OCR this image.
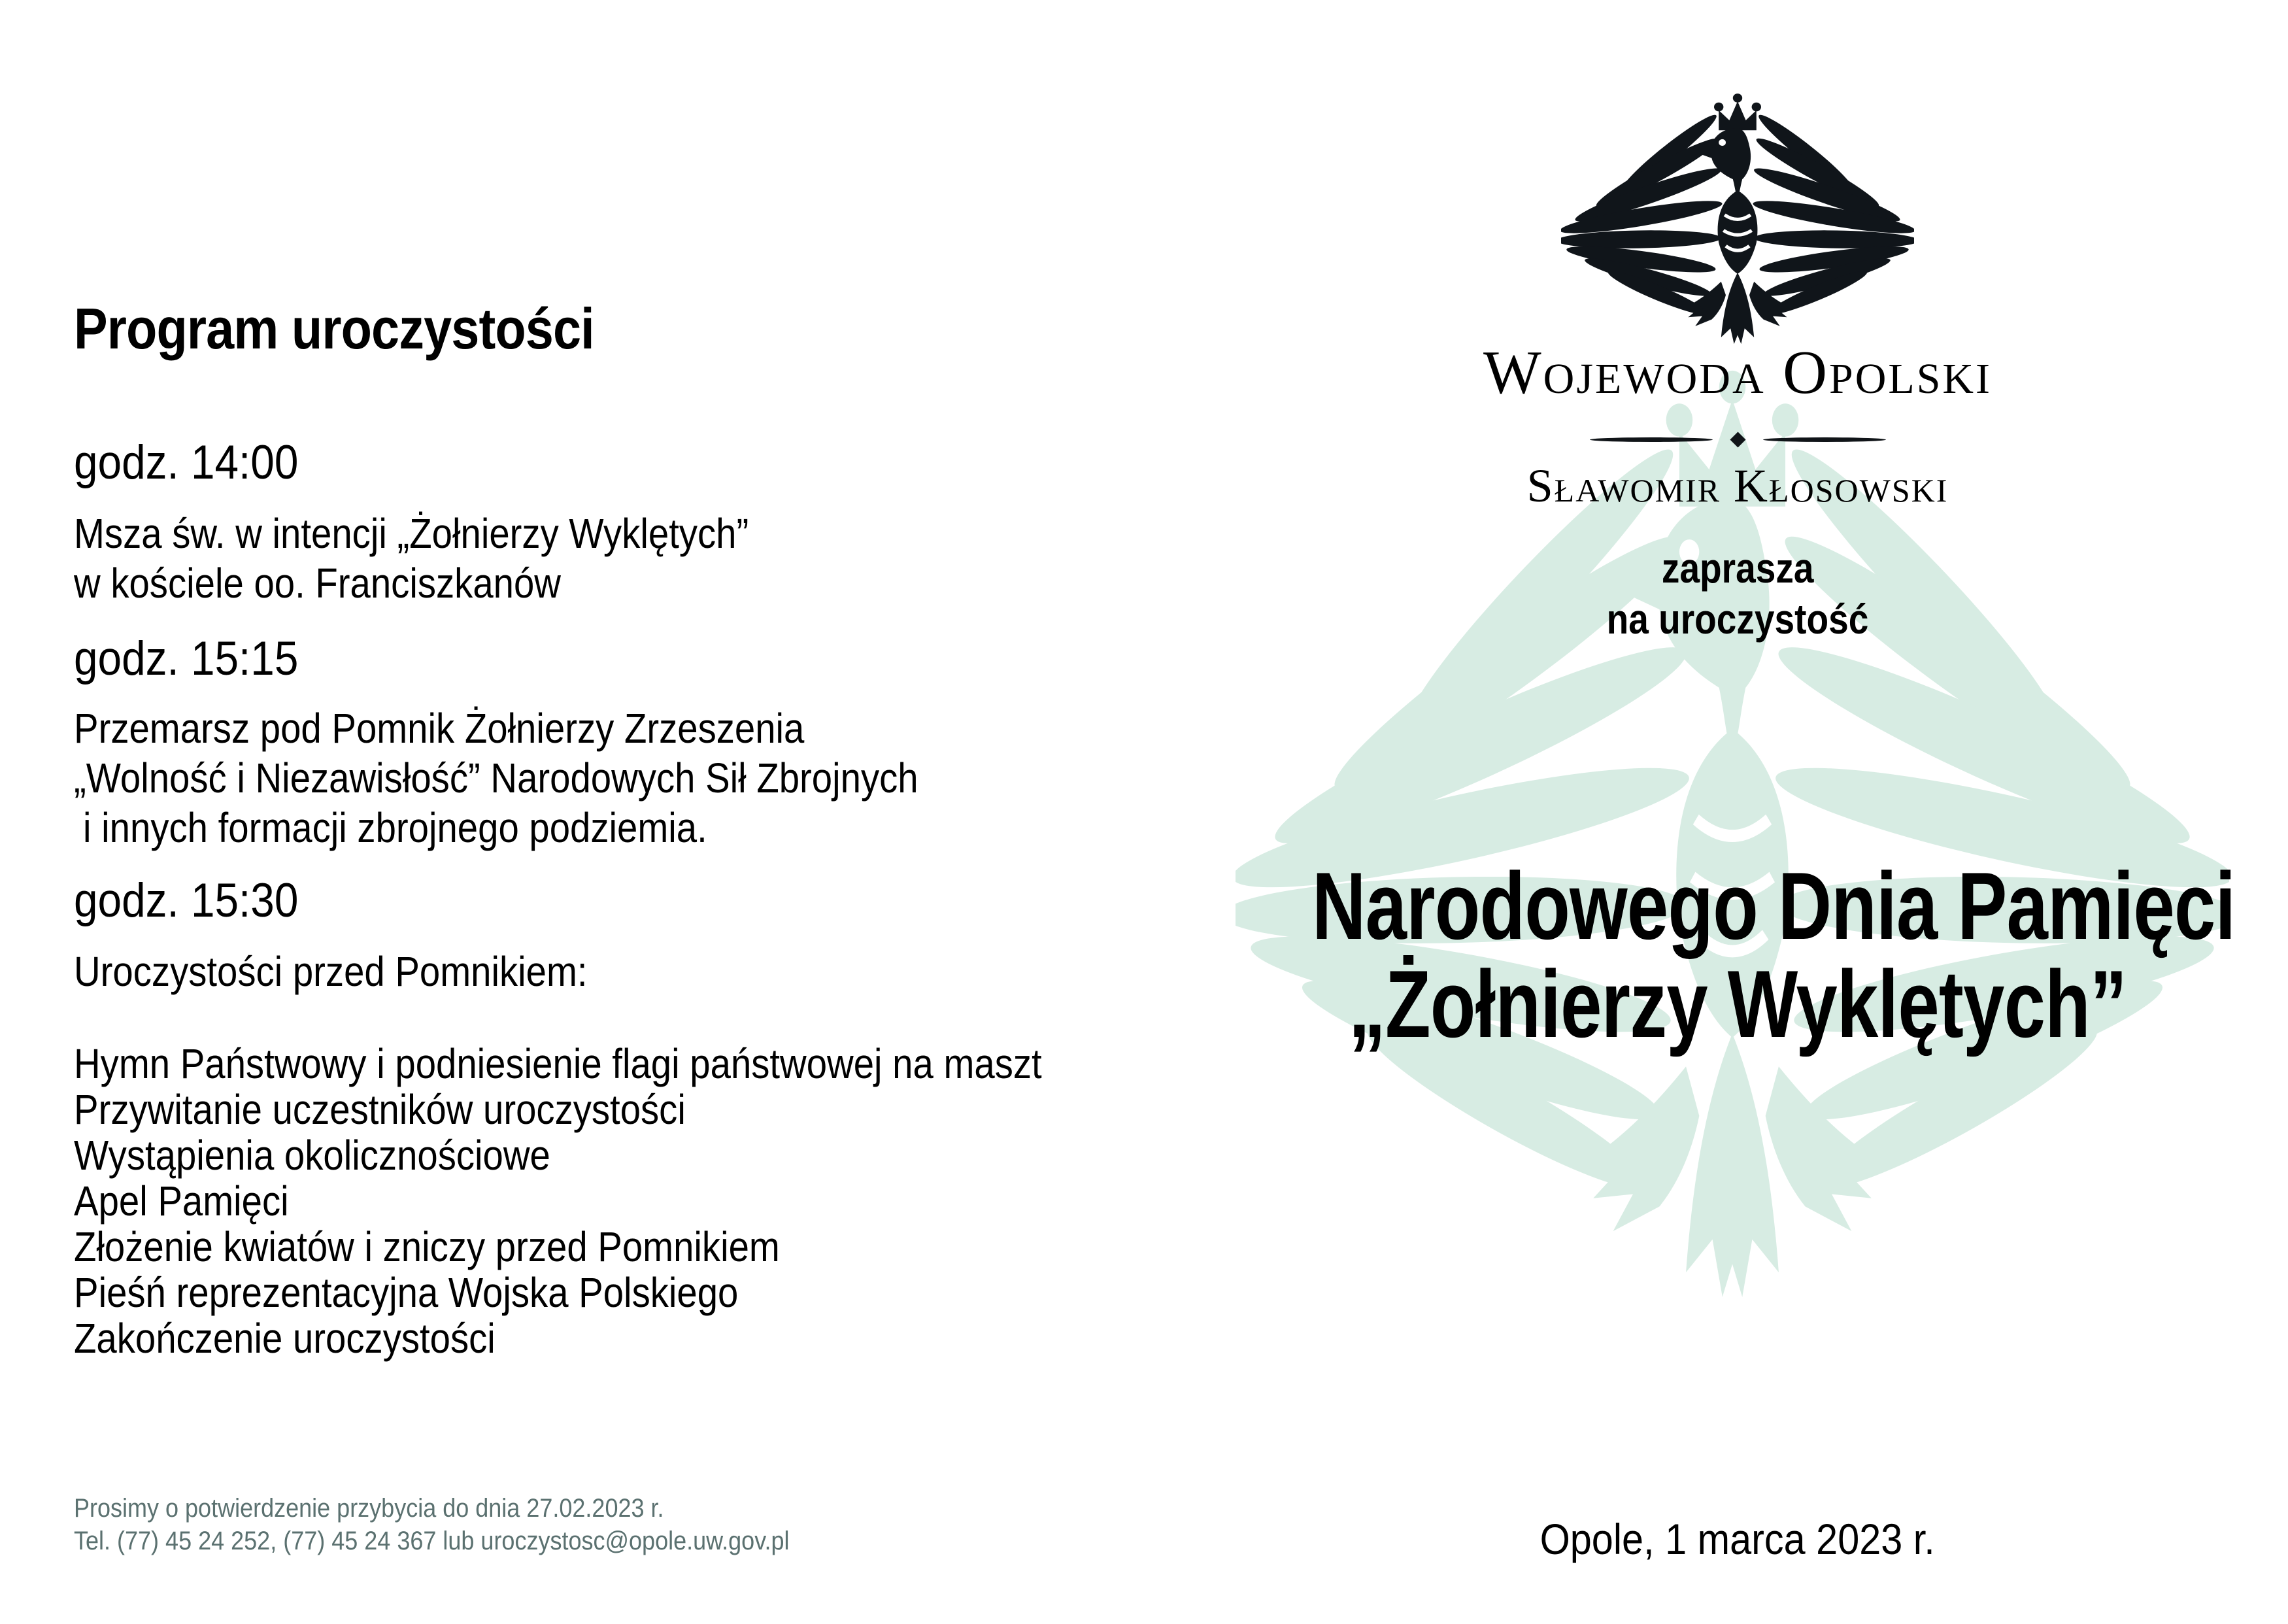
Program uroczystości
godz. 14:00
Msza św. w intencji „Żołnierzy Wyklętych”
w kościele oo. Franciszkanów
godz. 15:15
Przemarsz pod Pomnik Żołnierzy Zrzeszenia
„Wolność i Niezawisłość” Narodowych Sił Zbrojnych
i innych formacji zbrojnego podziemia.
godz. 15:30
Uroczystości przed Pomnikiem:
Hymn Państwowy i podniesienie flagi państwowej na maszt
Przywitanie uczestników uroczystości
Wystąpienia okolicznościowe
Apel Pamięci
Złożenie kwiatów i zniczy przed Pomnikiem
Pieśń reprezentacyjna Wojska Polskiego
Zakończenie uroczystości
Prosimy o potwierdzenie przybycia do dnia 27.02.2023 r.
Tel. (77) 45 24 252, (77) 45 24 367 lub uroczystosc@opole.uw.gov.pl
Wojewoda Opolski
Sławomir Kłosowski
zaprasza
na uroczystość
Narodowego Dnia Pamięci
„Żołnierzy Wyklętych”
Opole, 1 marca 2023 r.
